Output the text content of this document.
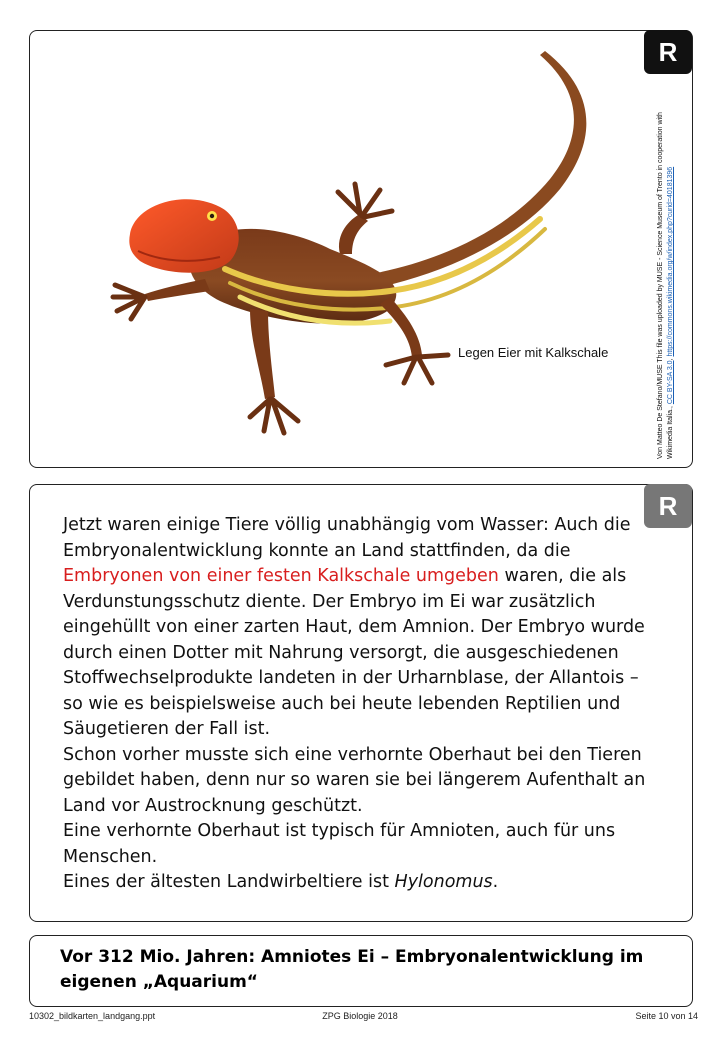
R
Legen Eier mit Kalkschale	Von Matteo De Stefano/MUSE This file was uploaded by MUSE - Science Museum of Trento in cooperation with Wikimedia Italia., CC BY-SA 3.0, https://commons.wikimedia.org/w/index.php?curid=40181396
R

Jetzt waren einige Tiere völlig unabhängig vom Wasser: Auch die Embryonalentwicklung konnte an Land stattfinden, da die Embryonen von einer festen Kalkschale umgeben waren, die als Verdunstungsschutz diente. Der Embryo im Ei war zusätzlich eingehüllt von einer zarten Haut, dem Amnion. Der Embryo wurde durch einen Dotter mit Nahrung versorgt, die ausgeschiedenen Stoffwechselprodukte landeten in der Urharnblase, der Allantois – so wie es beispielsweise auch bei heute lebenden Reptilien und Säugetieren der Fall ist.

Schon vorher musste sich eine verhornte Oberhaut bei den Tieren gebildet haben, denn nur so waren sie bei längerem Aufenthalt an Land vor Austrocknung geschützt.

Eine verhornte Oberhaut ist typisch für Amnioten, auch für uns Menschen.

Eines der ältesten Landwirbeltiere ist Hylonomus.

Vor 312 Mio. Jahren: Amniotes Ei – Embryonalentwicklung im eigenen „Aquarium“
10302_bildkarten_landgang.ppt	ZPG Biologie 2018	Seite 10 von 14
